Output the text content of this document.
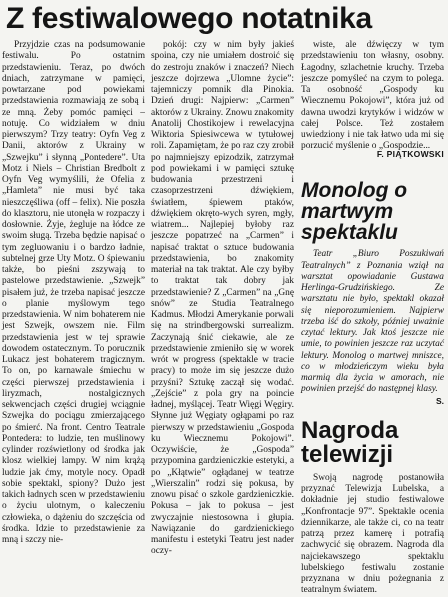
Z festiwalowego notatnika

Przyjdzie czas na podsumowanie festiwalu. Po ostatnim przedstawieniu. Teraz, po dwóch dniach, zatrzymane w pamięci, powtarzane pod powiekami przedstawienia rozmawiają ze sobą i ze mną. Żeby pomóc pamięci – notuję. Co widziałem w dniu pierwszym? Trzy teatry: Oyfn Veg z Danii, aktorów z Ukrainy w „Szwejku” i słynną „Pontedere”. Uta Motz i Niels – Christian Bredbolt z Oyfn Veg wymyślili, że Ofelia z „Hamleta” nie musi być taka nieszczęśliwa (off – felix). Nie poszła do klasztoru, nie utonęła w rozpaczy i dosłownie. Żyje, żegluje na łódce ze swoim sługą. Trzeba będzie napisać o tym zegluowaniu i o bardzo ładnie, subtelnej grze Uty Motz. O śpiewaniu także, bo pieśni zszywają to pastelowe przedstawienie. „Szwejk” pisałem już, że trzeba napisać jeszcze o planie myślowym tego przedstawienia. W nim bohaterem nie jest Szwejk, owszem nie. Film przedstawienia jest w tej sprawie dowodem ostatecznym. To porucznik Lukacz jest bohaterem tragicznym. To on, po karnawale śmiechu w części pierwszej przedstawienia i liryzmach, nostalgicznych sekwencjach części drugiej wciągnie Szwejka do pociągu zmierzającego po śmierć. Na front. Centro Teatrale Pontedera: to ludzie, ten muślinowy cylinder rozświetlony od środka jak klosz wielkiej lampy. W nim krążą ludzie jak ćmy, motyle nocy. Opadł sobie spektakl, spiony? Dużo jest takich ładnych scen w przedstawieniu o życiu ulotnym, o kaleczeniu człowieka, o dążeniu do szczęścia od środka. Idzie to przedstawienie za mną i szczy nie-

pokój: czy w nim były jakieś spoina, czy nie umiałem dostroić się do zestroju znaków i znaczeń? Niech jeszcze dojrzewa „Ulomne życie”: tajemniczy pomnik dla Pinokia. Dzień drugi: Najpierw: „Carmen” aktorów z Ukrainy. Znowu znakomity Anatolij Chostikojew i rewelacyjna Wiktoria Spiesiwcewa w tytułowej roli. Zapamiętam, że po raz czy zrobił po najmniejszy epizodzik, zatrzymał pod powiekami i w pamięci sztukę budowania przestrzeni i czasoprzestrzeni dźwiękiem, światłem, śpiewem ptaków, dźwiękiem okręto-wych syren, mgły, wiatrem... Najlepiej byłoby raz jeszcze popatrzeć na „Carmen” i napisać traktat o sztuce budowania przedstawienia, bo znakomity materiał na tak traktat. Ale czy byłby to traktat tak dobry jak przedstawienie? Z „Carmen” na „Gnę snów” ze Studia Teatralnego Kadmus. Młodzi Amerykanie porwali się na strindbergowski surrealizm. Zaczynają śnić ciekawie, ale ze przedstawienie zmieniło się w worek wrót w progress (spektakle w tracie pracy) to może im się jeszcze dużo przyśni? Sztukę zaczął się wodać. „Zejście” z pola gry na poincie ładnej, myślącej. Teatr Więgi Węgiry. Słynne już Węgiaty ogłąpami po raz pierwszy w przedstawieniu „Gospoda ku Wiecznemu Pokojowi”. Oczywiście, że „Gospoda” przypomina gardzieniczkie estetyki, a po „Kłątwie” ogłądanej w teatrze „Wierszalin” rodzi się pokusa, by znowu pisać o szkole gardzieniczkie. Pokusa – jak to pokusa – jest zwyczajnie niestosowna i głupia. Nawiązanie do gardzienickiego manifestu i estetyki Teatru jest nader oczy-

wiste, ale dźwięczy w tym przedstawieniu ton własny, osobny. Łagodny, szlachetnie kruchy. Trzeba jeszcze pomyśleć na czym to polega. Ta osobność „Gospody ku Wiecznemu Pokojowi”, która już od dawna uwodzi krytyków i widzów w całej Polsce. Też zostałem uwiedziony i nie tak łatwo uda mi się porzucić myślenie o „Gospodzie...

F. PIĄTKOWSKI
Monolog o martwym spektaklu

Teatr „Biuro Poszukiwań Teatralnych” z Poznania wziął na warsztat opowiadanie Gustawa Herlinga-Grudzińskiego. Ze warsztatu nie było, spektakl okazał się nieporozumieniem. Najpierw trzeba iść do szkoły, później uważnie czytać lektury. Jak ktoś jeszcze nie umie, to powinien jeszcze raz uczytać lektury. Monolog o martwej mniszce, co w młodzieńczym wieku była marmią dla życia w amorach, nie powinien przejść do następnej klasy.

S.
Nagroda telewizji

Swoją nagrodę postanowiła przyznać Telewizja Lubelska, a dokładnie jej studio festiwalowe „Konfrontacje 97”. Spektakle ocenia dziennikarze, ale także ci, co na teatr patrzą przez kamerę i potrafią zachwycić się obrazem. Nagroda dla najciekawszego spektaklu lubelskiego festiwalu zostanie przyznana w dniu pożegnania z teatralnym światem.
